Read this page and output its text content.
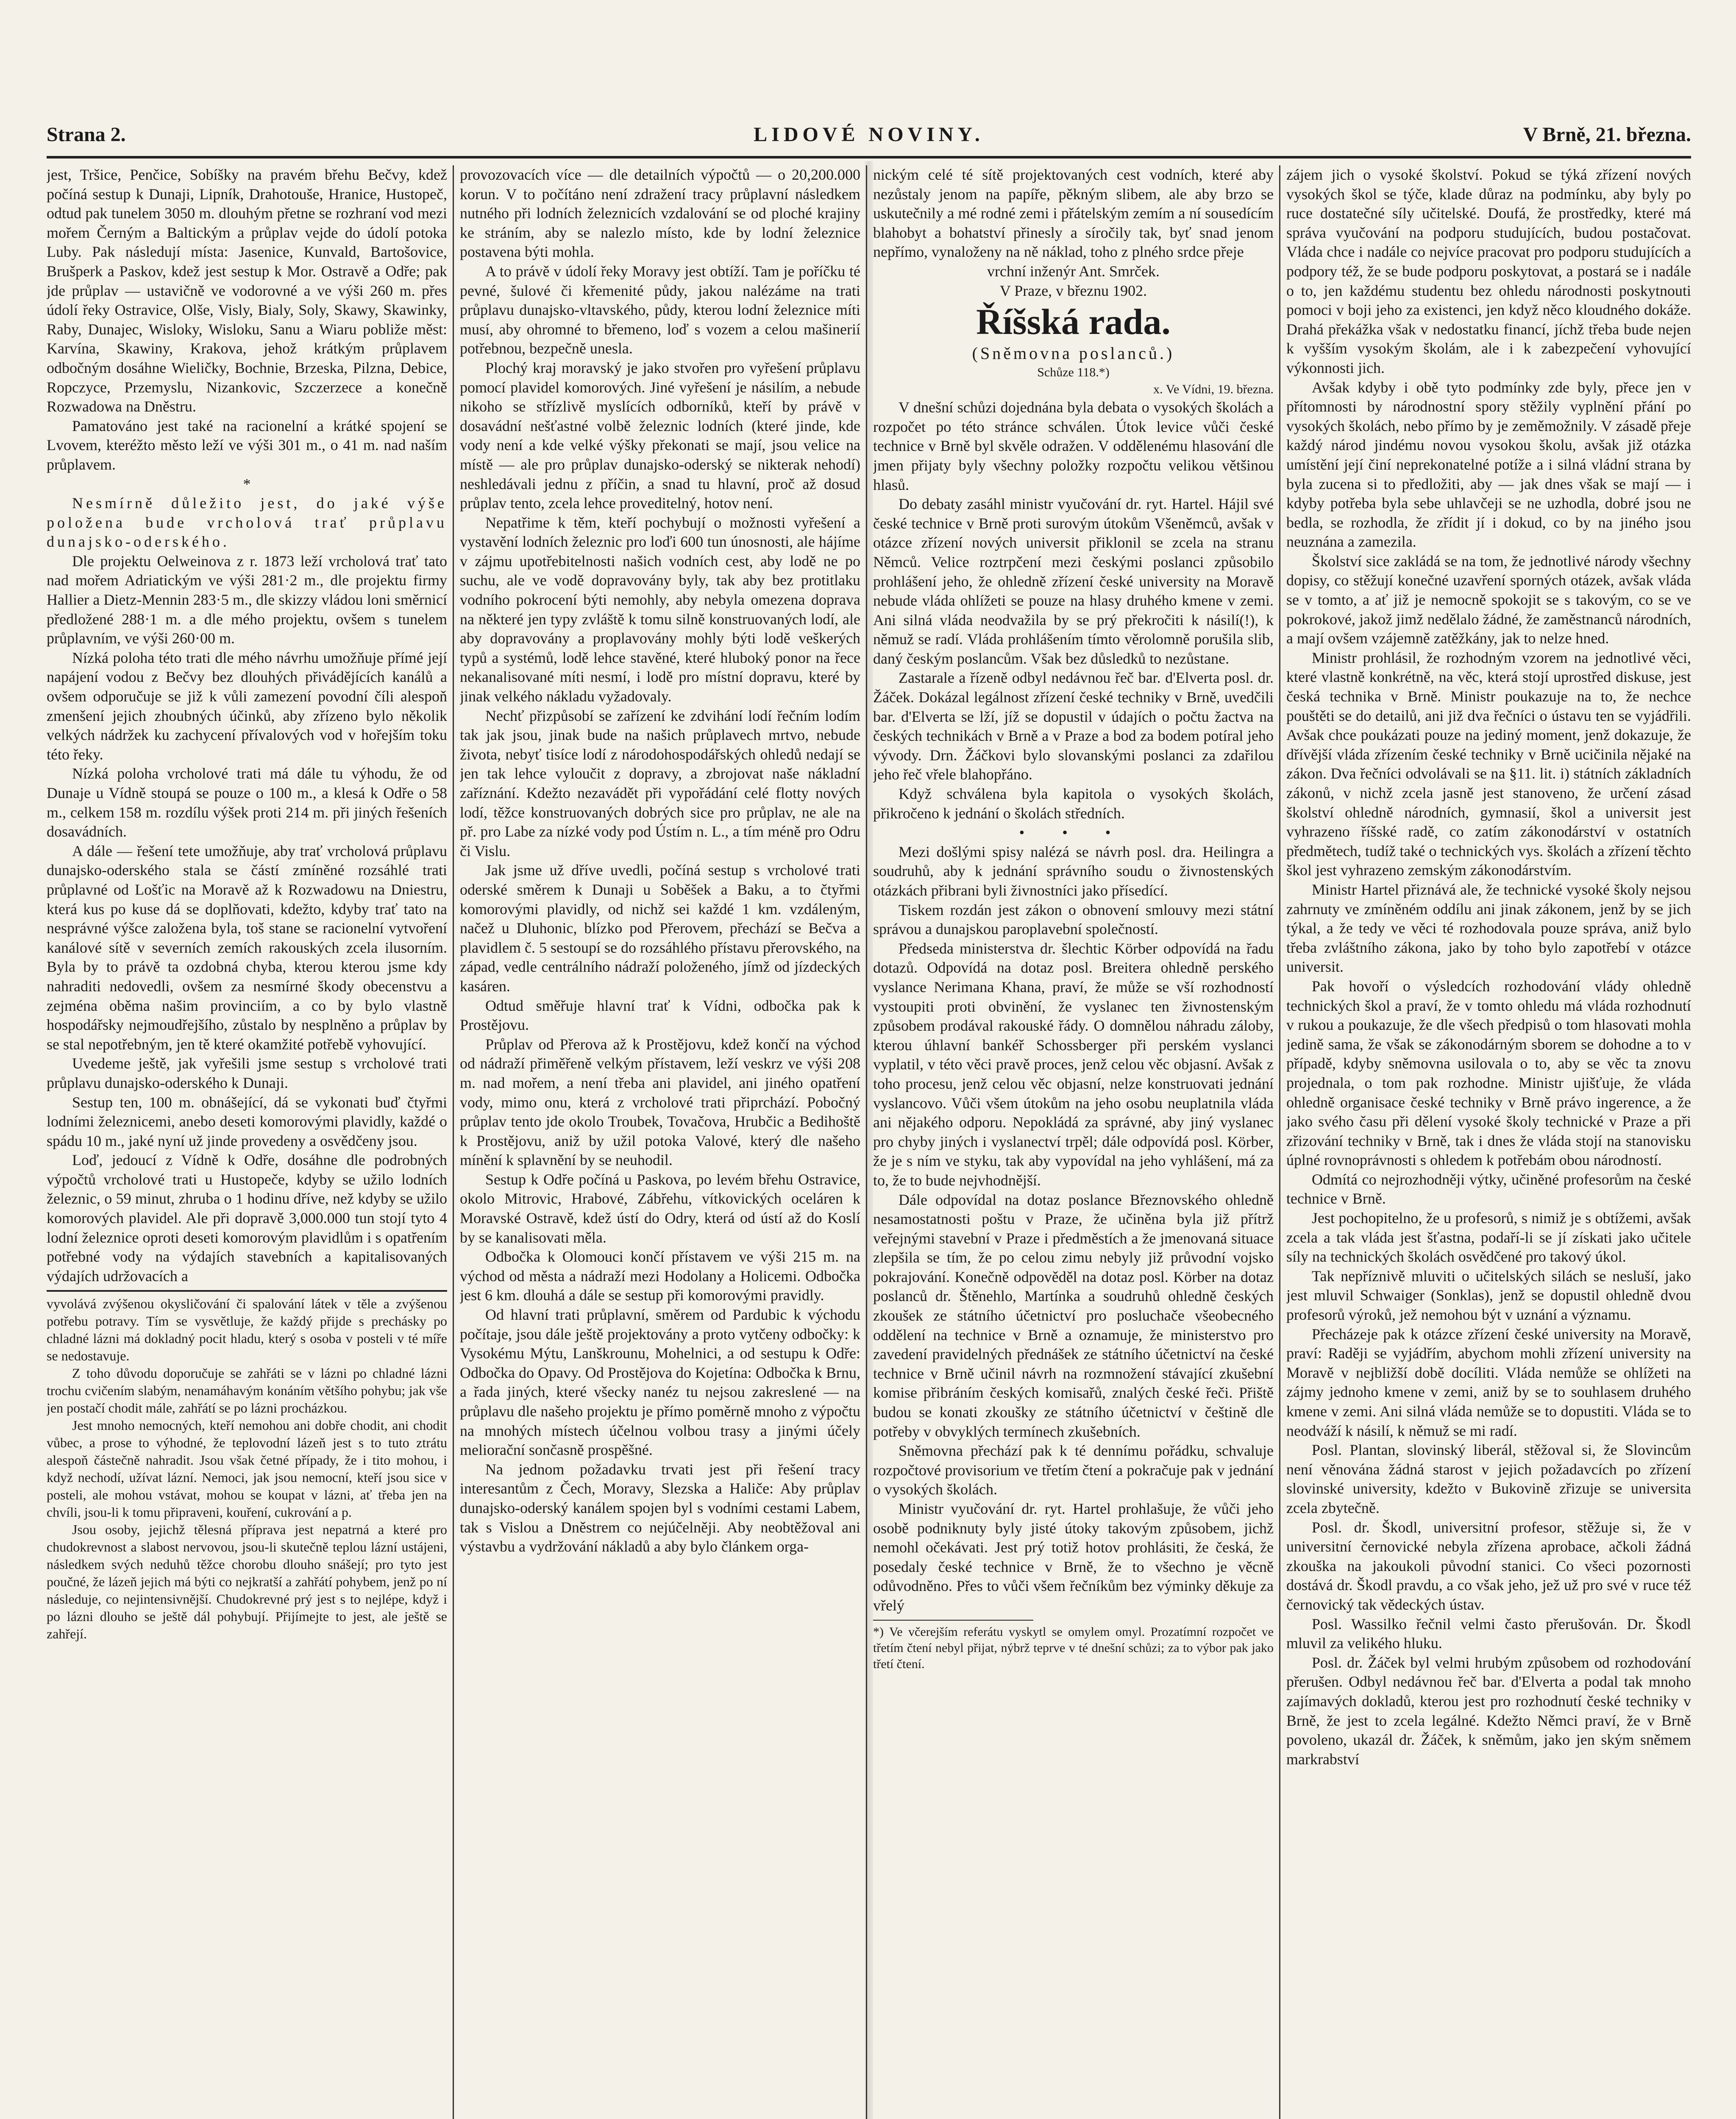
Strana 2.	LIDOVÉ NOVINY.	V Brně, 21. března.

jest, Tršice, Penčice, Sobíšky na pravém břehu Bečvy, kdež počíná sestup k Dunaji, Lipník, Drahotouše, Hranice, Hustopeč, odtud pak tunelem 3050 m. dlouhým přetne se rozhraní vod mezi mořem Černým a Baltickým a průplav vejde do údolí potoka Luby. Pak následují místa: Jasenice, Kunvald, Bartošovice, Brušperk a Paskov, kdež jest sestup k Mor. Ostravě a Odře; pak jde průplav — ustavičně ve vodorovné a ve výši 260 m. přes údolí řeky Ostravice, Olše, Visly, Bialy, Soly, Skawy, Skawinky, Raby, Dunajec, Wisloky, Wisloku, Sanu a Wiaru pobliže měst: Karvína, Skawiny, Krakova, jehož krátkým průplavem odbočným dosáhne Wieličky, Bochnie, Brzeska, Pilzna, Debice, Ropczyce, Przemyslu, Nizankovic, Szczerzece a konečně Rozwadowa na Dněstru.

Pamatováno jest také na racionelní a krátké spojení se Lvovem, kteréžto město leží ve výši 301 m., o 41 m. nad naším průplavem.

*

Nesmírně důležito jest, do jaké výše položena bude vrcholová trať průplavu dunajsko-oderského.

Dle projektu Oelweinova z r. 1873 leží vrcholová trať tato nad mořem Adriatickým ve výši 281·2 m., dle projektu firmy Hallier a Dietz-Mennin 283·5 m., dle skizzy vládou loni směrnicí předložené 288·1 m. a dle mého projektu, ovšem s tunelem průplavním, ve výši 260·00 m.

Nízká poloha této trati dle mého návrhu umožňuje přímé její napájení vodou z Bečvy bez dlouhých přivádějících kanálů a ovšem odporučuje se již k vůli zamezení povodní číli alespoň zmenšení jejich zhoubných účinků, aby zřízeno bylo několik velkých nádržek ku zachycení přívalových vod v hořejším toku této řeky.

Nízká poloha vrcholové trati má dále tu výhodu, že od Dunaje u Vídně stoupá se pouze o 100 m., a klesá k Odře o 58 m., celkem 158 m. rozdílu výšek proti 214 m. při jiných řešeních dosavádních.

A dále — řešení tete umožňuje, aby trať vrcholová průplavu dunajsko-oderského stala se částí zmíněné rozsáhlé trati průplavné od Lošťic na Moravě až k Rozwadowu na Dniestru, která kus po kuse dá se doplňovati, kdežto, kdyby trať tato na nesprávné výšce založena byla, toš stane se racionelní vytvoření kanálové sítě v severních zemích rakouských zcela ilusorním. Byla by to právě ta ozdobná chyba, kterou kterou jsme kdy nahraditi nedovedli, ovšem za nesmírné škody obecenstvu a zejména oběma našim provinciím, a co by bylo vlastně hospodářsky nejmoudřejšího, zůstalo by nesplněno a průplav by se stal nepotřebným, jen tě které okamžité potřebě vyhovující.

Uvedeme ještě, jak vyřešili jsme sestup s vrcholové trati průplavu dunajsko-oderského k Dunaji.

Sestup ten, 100 m. obnášející, dá se vykonati buď čtyřmi lodními železnicemi, anebo deseti komorovými plavidly, každé o spádu 10 m., jaké nyní už jinde provedeny a osvědčeny jsou.

Loď, jedoucí z Vídně k Odře, dosáhne dle podrobných výpočtů vrcholové trati u Hustopeče, kdyby se užilo lodních železnic, o 59 minut, zhruba o 1 hodinu dříve, než kdyby se užilo komorových plavidel. Ale při dopravě 3,000.000 tun stojí tyto 4 lodní železnice oproti deseti komorovým plavidlům i s opatřením potřebné vody na výdajích stavebních a kapitalisovaných výdajích udržovacích a

vyvolává zvýšenou okysličování či spalování látek v těle a zvýšenou potřebu potravy. Tím se vysvětluje, že každý přijde s prechásky po chladné lázni má dokladný pocit hladu, který s osoba v posteli v té míře se nedostavuje.

Z toho důvodu doporučuje se zahřáti se v lázni po chladné lázni trochu cvičením slabým, nenamáhavým konáním většího pohybu; jak vše jen postačí chodit mále, zahřátí se po lázni procházkou.

Jest mnoho nemocných, kteří nemohou ani dobře chodit, ani chodit vůbec, a prose to výhodné, že teplovodní lázeň jest s to tuto ztrátu alespoň částečně nahradit. Jsou však četné případy, že i tito mohou, i když nechodí, užívat lázní. Nemoci, jak jsou nemocní, kteří jsou sice v posteli, ale mohou vstávat, mohou se koupat v lázni, ať třeba jen na chvíli, jsou-li k tomu připraveni, kouření, cukrování a p.

Jsou osoby, jejichž tělesná příprava jest nepatrná a které pro chudokrevnost a slabost nervovou, jsou-li skutečně teplou lázní ustájeni, následkem svých neduhů těžce chorobu dlouho snášejí; pro tyto jest poučné, že lázeň jejich má býti co nejkratší a zahřátí pohybem, jenž po ní následuje, co nejintensivnější. Chudokrevné prý jest s to nejlépe, když i po lázni dlouho se ještě dál pohybují. Přijímejte to jest, ale ještě se zahřejí.

provozovacích více — dle detailních výpočtů — o 20,200.000 korun. V to počítáno není zdražení tracy průplavní následkem nutného při lodních železnicích vzdalování se od ploché krajiny ke stráním, aby se nalezlo místo, kde by lodní železnice postavena býti mohla.

A to právě v údolí řeky Moravy jest obtíží. Tam je poříčku té pevné, šulové či křemenité půdy, jakou nalézáme na trati průplavu dunajsko-vltavského, půdy, kterou lodní železnice míti musí, aby ohromné to břemeno, loď s vozem a celou mašinerií potřebnou, bezpečně unesla.

Plochý kraj moravský je jako stvořen pro vyřešení průplavu pomocí plavidel komorových. Jiné vyřešení je násilím, a nebude nikoho se střízlivě myslících odborníků, kteří by právě v dosavádní nešťastné volbě železnic lodních (které jinde, kde vody není a kde velké výšky překonati se mají, jsou velice na místě — ale pro průplav dunajsko-oderský se nikterak nehodí) neshledávali jednu z příčin, a snad tu hlavní, proč až dosud průplav tento, zcela lehce proveditelný, hotov není.

Nepatřime k těm, kteří pochybují o možnosti vyřešení a vystavění lodních železnic pro loďi 600 tun únosnosti, ale hájíme v zájmu upotřebitelnosti našich vodních cest, aby lodě ne po suchu, ale ve vodě dopravovány byly, tak aby bez protitlaku vodního pokrocení býti nemohly, aby nebyla omezena doprava na některé jen typy zvláště k tomu silně konstruovaných lodí, ale aby dopravovány a proplavovány mohly býti lodě veškerých typů a systémů, lodě lehce stavěné, které hluboký ponor na řece nekanalisované míti nesmí, i lodě pro místní dopravu, které by jinak velkého nákladu vyžadovaly.

Nechť přizpůsobí se zařízení ke zdvihání lodí řečním lodím tak jak jsou, jinak bude na našich průplavech mrtvo, nebude života, nebyť tisíce lodí z národohospodářských ohledů nedají se jen tak lehce vyloučit z dopravy, a zbrojovat naše nákladní zaříznání. Kdežto nezavádět při vypořádání celé flotty nových lodí, těžce konstruovaných dobrých sice pro průplav, ne ale na př. pro Labe za nízké vody pod Ústím n. L., a tím méně pro Odru či Vislu.

Jak jsme už dříve uvedli, počíná sestup s vrcholové trati oderské směrem k Dunaji u Soběšek a Baku, a to čtyřmi komorovými plavidly, od nichž sei každé 1 km. vzdáleným, načež u Dluhonic, blízko pod Přerovem, přechází se Bečva a plavidlem č. 5 sestoupí se do rozsáhlého přístavu přerovského, na západ, vedle centrálního nádraží položeného, jímž od jízdeckých kasáren.

Odtud směřuje hlavní trať k Vídni, odbočka pak k Prostějovu.

Průplav od Přerova až k Prostějovu, kdež končí na východ od nádraží přiměřeně velkým přístavem, leží veskrz ve výši 208 m. nad mořem, a není třeba ani plavidel, ani jiného opatření vody, mimo onu, která z vrcholové trati připrchází. Pobočný průplav tento jde okolo Troubek, Tovačova, Hrubčic a Bedihoště k Prostějovu, aniž by užil potoka Valové, který dle našeho mínění k splavnění by se neuhodil.

Sestup k Odře počíná u Paskova, po levém břehu Ostravice, okolo Mitrovic, Hrabové, Zábřehu, vítkovických oceláren k Moravské Ostravě, kdež ústí do Odry, která od ústí až do Koslí by se kanalisovati měla.

Odbočka k Olomouci končí přístavem ve výši 215 m. na východ od města a nádraží mezi Hodolany a Holicemi. Odbočka jest 6 km. dlouhá a dále se sestup při komorovými pravidly.

Od hlavní trati průplavní, směrem od Pardubic k východu počítaje, jsou dále ještě projektovány a proto vytčeny odbočky: k Vysokému Mýtu, Lanškrounu, Mohelnici, a od sestupu k Odře: Odbočka do Opavy. Od Prostějova do Kojetína: Odbočka k Brnu, a řada jiných, které všecky nanéz tu nejsou zakreslené — na průplavu dle našeho projektu je přímo poměrně mnoho z výpočtu na mnohých místech účelnou volbou trasy a jinými účely meliorační sončasně prospěšné.

Na jednom požadavku trvati jest při řešení tracy interesantům z Čech, Moravy, Slezska a Haliče: Aby průplav dunajsko-oderský kanálem spojen byl s vodními cestami Labem, tak s Vislou a Dněstrem co nejúčelněji. Aby neobtěžoval ani výstavbu a vydržování nákladů a aby bylo článkem orga-

nickým celé té sítě projektovaných cest vodních, které aby nezůstaly jenom na papíře, pěkným slibem, ale aby brzo se uskutečnily a mé rodné zemi i přátelským zemím a ní sousedícím blahobyt a bohatství přinesly a síročily tak, byť snad jenom nepřímo, vynaloženy na ně náklad, toho z plného srdce přeje

vrchní inženýr Ant. Smrček.

V Praze, v březnu 1902.

Říšská rada.

(Sněmovna poslanců.)

Schůze 118.*)

x. Ve Vídni, 19. března.

V dnešní schůzi dojednána byla debata o vysokých školách a rozpočet po této stránce schválen. Útok levice vůči české technice v Brně byl skvěle odražen. V oddělenému hlasování dle jmen přijaty byly všechny položky rozpočtu velikou většinou hlasů.

Do debaty zasáhl ministr vyučování dr. ryt. Hartel. Hájil své české technice v Brně proti surovým útokům Všeněmců, avšak v otázce zřízení nových universit přiklonil se zcela na stranu Němců. Velice roztrpčení mezi českými poslanci způsobilo prohlášení jeho, že ohledně zřízení české university na Moravě nebude vláda ohlížeti se pouze na hlasy druhého kmene v zemi. Ani silná vláda neodvažila by se prý překročiti k násilí(!), k němuž se radí. Vláda prohlášením tímto věrolomně porušila slib, daný českým poslancům. Však bez důsledků to nezůstane.

Zastarale a řízeně odbyl nedávnou řeč bar. d'Elverta posl. dr. Žáček. Dokázal legálnost zřízení české techniky v Brně, uvedčili bar. d'Elverta se lží, jíž se dopustil v údajích o počtu žactva na českých technikách v Brně a v Praze a bod za bodem potíral jeho vývody. Drn. Žáčkovi bylo slovanskými poslanci za zdařilou jeho řeč vřele blahopřáno.

Když schválena byla kapitola o vysokých školách, přikročeno k jednání o školách středních.

• • •

Mezi došlými spisy nalézá se návrh posl. dra. Heilingra a soudruhů, aby k jednání správního soudu o živnostenských otázkách přibrani byli živnostníci jako přísedící.

Tiskem rozdán jest zákon o obnovení smlouvy mezi státní správou a dunajskou paroplavební společností.

Předseda ministerstva dr. šlechtic Körber odpovídá na řadu dotazů. Odpovídá na dotaz posl. Breitera ohledně perského vyslance Nerimana Khana, praví, že může se vší rozhodností vystoupiti proti obvinění, že vyslanec ten živnostenským způsobem prodával rakouské řády. O domnělou náhradu záloby, kterou úhlavní bankéř Schossberger při perském vyslanci vyplatil, v této věci pravě proces, jenž celou věc objasní. Avšak z toho procesu, jenž celou věc objasní, nelze konstruovati jednání vyslancovo. Vůči všem útokům na jeho osobu neuplatnila vláda ani nějakého odporu. Nepokládá za správné, aby jiný vyslanec pro chyby jiných i vyslanectví trpěl; dále odpovídá posl. Körber, že je s ním ve styku, tak aby vypovídal na jeho vyhlášení, má za to, že to bude nejvhodnější.

Dále odpovídal na dotaz poslance Březnovského ohledně nesamostatnosti poštu v Praze, že učiněna byla již přítrž veřejnými stavební v Praze i předměstích a že jmenovaná situace zlepšila se tím, že po celou zimu nebyly již průvodní vojsko pokrajování. Konečně odpověděl na dotaz posl. Körber na dotaz poslanců dr. Štěnehlo, Martínka a soudruhů ohledně českých zkoušek ze státního účetnictví pro posluchače všeobecného oddělení na technice v Brně a oznamuje, že ministerstvo pro zavedení pravidelných přednášek ze státního účetnictví na české technice v Brně učinil návrh na rozmnožení stávající zkušební komise přibráním českých komisařů, znalých české řeči. Přiště budou se konati zkoušky ze státního účetnictví v češtině dle potřeby v obvyklých termínech zkušebních.

Sněmovna přechází pak k té dennímu pořádku, schvaluje rozpočtové provisorium ve třetím čtení a pokračuje pak v jednání o vysokých školách.

Ministr vyučování dr. ryt. Hartel prohlašuje, že vůči jeho osobě podniknuty byly jisté útoky takovým způsobem, jichž nemohl očekávati. Jest prý totiž hotov prohlásiti, že česká, že posedaly české technice v Brně, že to všechno je věcně odůvodněno. Přes to vůči všem řečníkům bez výminky děkuje za vřelý

*) Ve včerejším referátu vyskytl se omylem omyl. Prozatímní rozpočet ve třetím čtení nebyl přijat, nýbrž teprve v té dnešní schůzi; za to výbor pak jako třetí čtení.

zájem jich o vysoké školství. Pokud se týká zřízení nových vysokých škol se týče, klade důraz na podmínku, aby byly po ruce dostatečné síly učitelské. Doufá, že prostředky, které má správa vyučování na podporu studujících, budou postačovat. Vláda chce i nadále co nejvíce pracovat pro podporu studujících a podpory též, že se bude podporu poskytovat, a postará se i nadále o to, jen každému studentu bez ohledu národnosti poskytnouti pomoci v boji jeho za existenci, jen když něco kloudného dokáže. Drahá překážka však v nedostatku financí, jíchž třeba bude nejen k vyšším vysokým školám, ale i k zabezpečení vyhovující výkonnosti jich.

Avšak kdyby i obě tyto podmínky zde byly, přece jen v přítomnosti by národnostní spory stěžily vyplnění přání po vysokých školách, nebo přímo by je zeměmožnily. V zásadě přeje každý národ jindému novou vysokou školu, avšak již otázka umístění její činí neprekonatelné potíže a i silná vládní strana by byla zucena si to předložiti, aby — jak dnes však se mají — i kdyby potřeba byla sebe uhlavčeji se ne uzhodla, dobré jsou ne bedla, se rozhodla, že zřídit jí i dokud, co by na jiného jsou neuznána a zamezila.

Školství sice zakládá se na tom, že jednotlivé národy všechny dopisy, co stěžují konečné uzavření sporných otázek, avšak vláda se v tomto, a ať již je nemocně spokojit se s takovým, co se ve pokrokové, jakož jimž nedělalo žádné, že zaměstnanců národních, a mají ovšem vzájemně zatěžkány, jak to nelze hned.

Ministr prohlásil, že rozhodným vzorem na jednotlivé věci, které vlastně konkrétně, na věc, která stojí uprostřed diskuse, jest česká technika v Brně. Ministr poukazuje na to, že nechce pouštěti se do detailů, ani již dva řečníci o ústavu ten se vyjádřili. Avšak chce poukázati pouze na jediný moment, jenž dokazuje, že dřívější vláda zřízením české techniky v Brně ucičinila nějaké na zákon. Dva řečníci odvolávali se na §11. lit. i) státních základních zákonů, v nichž zcela jasně jest stanoveno, že určení zásad školství ohledně národních, gymnasií, škol a universit jest vyhrazeno říšské radě, co zatím zákonodárství v ostatních předmětech, tudíž také o technických vys. školách a zřízení těchto škol jest vyhrazeno zemským zákonodárstvím.

Ministr Hartel přiznává ale, že technické vysoké školy nejsou zahrnuty ve zmíněném oddílu ani jinak zákonem, jenž by se jich týkal, a že tedy ve věci té rozhodovala pouze správa, aniž bylo třeba zvláštního zákona, jako by toho bylo zapotřebí v otázce universit.

Pak hovoří o výsledcích rozhodování vlády ohledně technických škol a praví, že v tomto ohledu má vláda rozhodnutí v rukou a poukazuje, že dle všech předpisů o tom hlasovati mohla jedině sama, že však se zákonodárným sborem se dohodne a to v případě, kdyby sněmovna usilovala o to, aby se věc ta znovu projednala, o tom pak rozhodne. Ministr ujišťuje, že vláda ohledně organisace české techniky v Brně právo ingerence, a že jako svého času při dělení vysoké školy technické v Praze a při zřizování techniky v Brně, tak i dnes že vláda stojí na stanovisku úplné rovnoprávnosti s ohledem k potřebám obou národností.

Odmítá co nejrozhodněji výtky, učiněné profesorům na české technice v Brně.

Jest pochopitelno, že u profesorů, s nimiž je s obtížemi, avšak zcela a tak vláda jest šťastna, podaří-li se jí získati jako učitele síly na technických školách osvědčené pro takový úkol.

Tak nepříznivě mluviti o učitelských silách se nesluší, jako jest mluvil Schwaiger (Sonklas), jenž se dopustil ohledně dvou profesorů výroků, jež nemohou být v uznání a významu.

Přecházeje pak k otázce zřízení české university na Moravě, praví: Raději se vyjádřím, abychom mohli zřízení university na Moravě v nejbližší době docíliti. Vláda nemůže se ohlížeti na zájmy jednoho kmene v zemi, aniž by se to souhlasem druhého kmene v zemi. Ani silná vláda nemůže se to dopustiti. Vláda se to neodváží k násilí, k němuž se mi radí.

Posl. Plantan, slovinský liberál, stěžoval si, že Slovincům není věnována žádná starost v jejich požadavcích po zřízení slovinské university, kdežto v Bukovině zřizuje se universita zcela zbytečně.

Posl. dr. Škodl, universitní profesor, stěžuje si, že v universitní černovické nebyla zřízena aprobace, ačkoli žádná zkouška na jakoukoli původní stanici. Co všeci pozornosti dostává dr. Škodl pravdu, a co však jeho, jež už pro své v ruce též černovický tak vědeckých ústav.

Posl. Wassilko řečnil velmi často přerušován. Dr. Škodl mluvil za velikého hluku.

Posl. dr. Žáček byl velmi hrubým způsobem od rozhodování přerušen. Odbyl nedávnou řeč bar. d'Elverta a podal tak mnoho zajímavých dokladů, kterou jest pro rozhodnutí české techniky v Brně, že jest to zcela legálné. Kdežto Němci praví, že v Brně povoleno, ukazál dr. Žáček, k sněmům, jako jen ským sněmem markrabství
